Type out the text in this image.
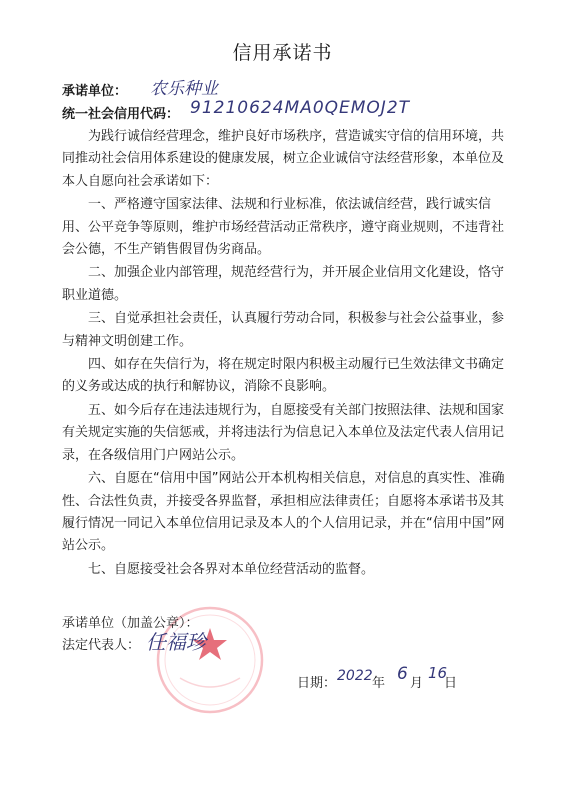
信用承诺书
承诺单位： 农乐种业
统一社会信用代码： 91210624MA0QEMOJ2T

为践行诚信经营理念，维护良好市场秩序，营造诚实守信的信用环境，共同推动社会信用体系建设的健康发展，树立企业诚信守法经营形象，本单位及本人自愿向社会承诺如下：

一、严格遵守国家法律、法规和行业标准，依法诚信经营，践行诚实信用、公平竞争等原则，维护市场经营活动正常秩序，遵守商业规则，不违背社会公德，不生产销售假冒伪劣商品。

二、加强企业内部管理，规范经营行为，并开展企业信用文化建设，恪守职业道德。

三、自觉承担社会责任，认真履行劳动合同，积极参与社会公益事业，参与精神文明创建工作。

四、如存在失信行为，将在规定时限内积极主动履行已生效法律文书确定的义务或达成的执行和解协议，消除不良影响。

五、如今后存在违法违规行为，自愿接受有关部门按照法律、法规和国家有关规定实施的失信惩戒，并将违法行为信息记入本单位及法定代表人信用记录，在各级信用门户网站公示。

六、自愿在“信用中国”网站公开本机构相关信息，对信息的真实性、准确性、合法性负责，并接受各界监督，承担相应法律责任；自愿将本承诺书及其履行情况一同记入本单位信用记录及本人的个人信用记录，并在“信用中国”网站公示。

七、自愿接受社会各界对本单位经营活动的监督。

承诺单位（加盖公章）：
法定代表人： 任福珍
日期： 2022 年 6 月
16
日
